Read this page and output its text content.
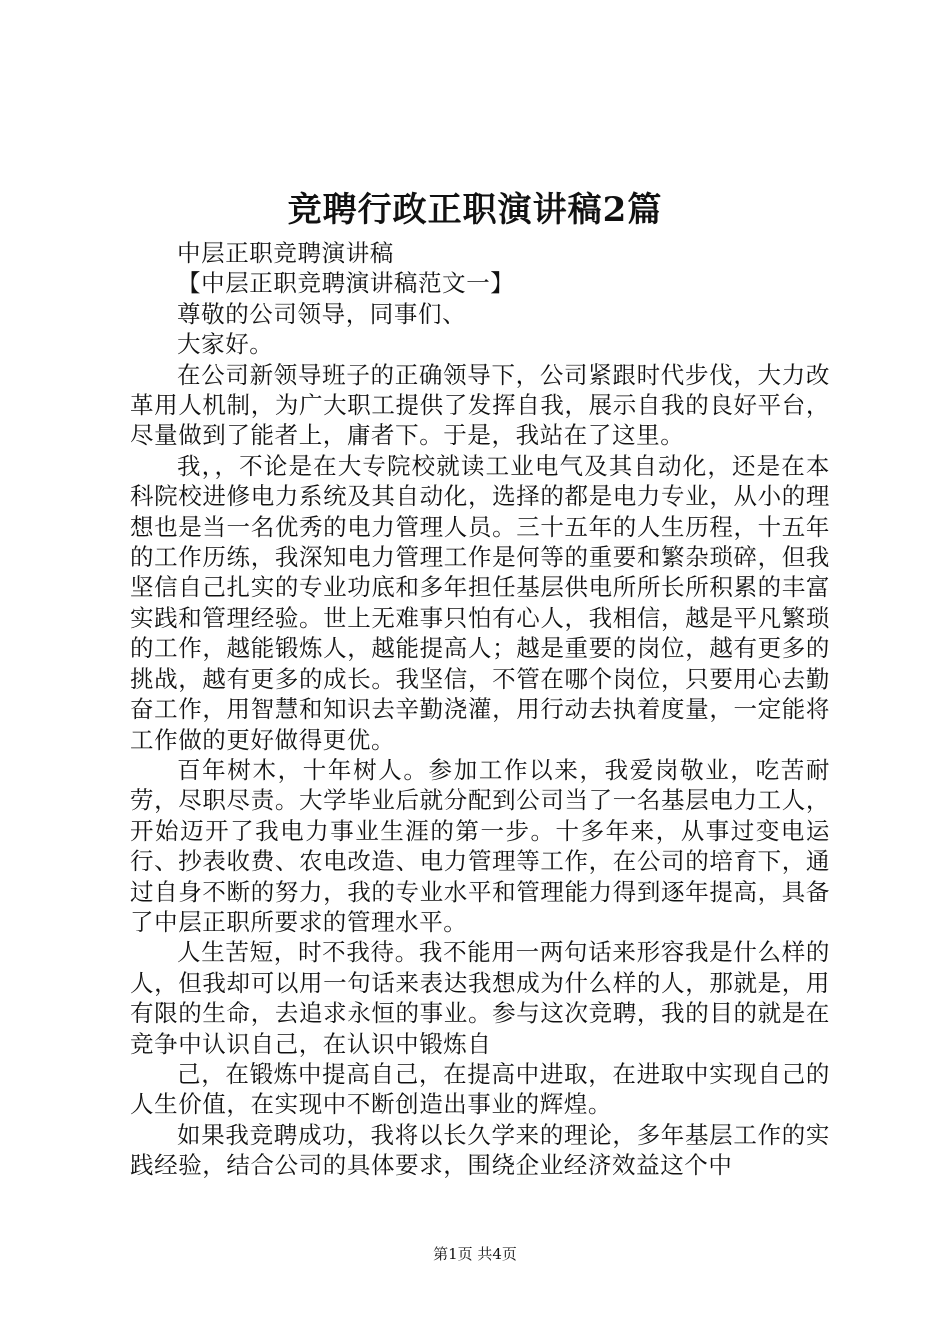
竞聘行政正职演讲稿2篇

中层正职竞聘演讲稿

【中层正职竞聘演讲稿范文一】

尊敬的公司领导，同事们、

大家好。

在公司新领导班子的正确领导下，公司紧跟时代步伐，大力改革用人机制，为广大职工提供了发挥自我，展示自我的良好平台，尽量做到了能者上，庸者下。于是，我站在了这里。

我，，不论是在大专院校就读工业电气及其自动化，还是在本科院校进修电力系统及其自动化，选择的都是电力专业，从小的理想也是当一名优秀的电力管理人员。三十五年的人生历程，十五年的工作历练，我深知电力管理工作是何等的重要和繁杂琐碎，但我坚信自己扎实的专业功底和多年担任基层供电所所长所积累的丰富实践和管理经验。世上无难事只怕有心人，我相信，越是平凡繁琐的工作，越能锻炼人，越能提高人；越是重要的岗位，越有更多的挑战，越有更多的成长。我坚信，不管在哪个岗位，只要用心去勤奋工作，用智慧和知识去辛勤浇灌，用行动去执着度量，一定能将工作做的更好做得更优。

百年树木，十年树人。参加工作以来，我爱岗敬业，吃苦耐劳，尽职尽责。大学毕业后就分配到公司当了一名基层电力工人，开始迈开了我电力事业生涯的第一步。十多年来，从事过变电运行、抄表收费、农电改造、电力管理等工作，在公司的培育下，通过自身不断的努力，我的专业水平和管理能力得到逐年提高，具备了中层正职所要求的管理水平。

人生苦短，时不我待。我不能用一两句话来形容我是什么样的人，但我却可以用一句话来表达我想成为什么样的人，那就是，用有限的生命，去追求永恒的事业。参与这次竞聘，我的目的就是在竞争中认识自己，在认识中锻炼自

己，在锻炼中提高自己，在提高中进取，在进取中实现自己的人生价值，在实现中不断创造出事业的辉煌。

如果我竞聘成功，我将以长久学来的理论，多年基层工作的实践经验，结合公司的具体要求，围绕企业经济效益这个中

第1页 共4页
